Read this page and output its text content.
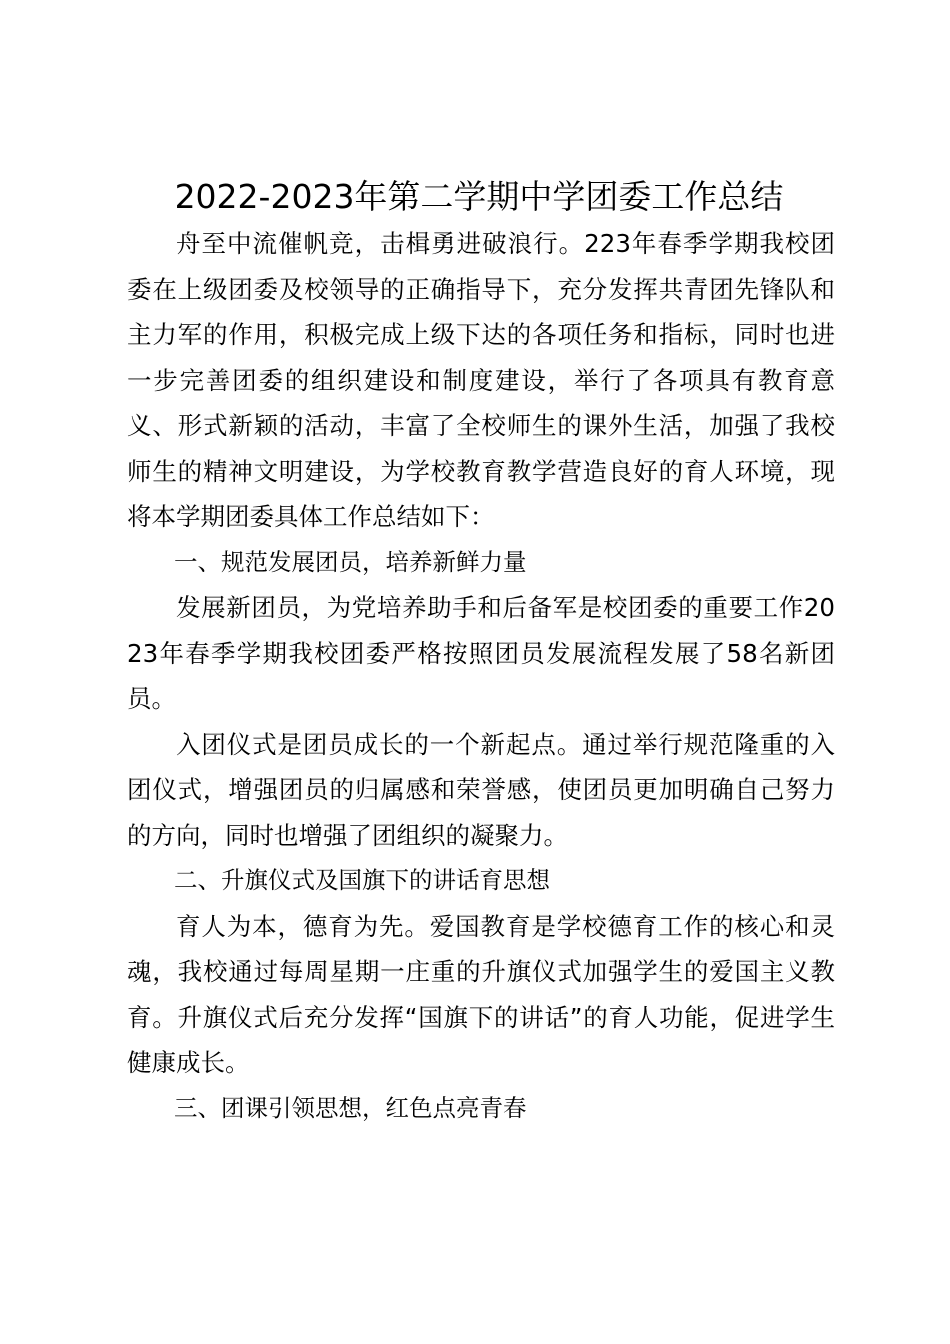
2022-2023年第二学期中学团委工作总结

舟至中流催帆竞，击楫勇进破浪行。223年春季学期我校团委在上级团委及校领导的正确指导下，充分发挥共青团先锋队和主力军的作用，积极完成上级下达的各项任务和指标，同时也进一步完善团委的组织建设和制度建设，举行了各项具有教育意义、形式新颖的活动，丰富了全校师生的课外生活，加强了我校师生的精神文明建设，为学校教育教学营造良好的育人环境，现将本学期团委具体工作总结如下：

一、规范发展团员，培养新鲜力量

发展新团员，为党培养助手和后备军是校团委的重要工作2023年春季学期我校团委严格按照团员发展流程发展了58名新团员。

入团仪式是团员成长的一个新起点。通过举行规范隆重的入团仪式，增强团员的归属感和荣誉感，使团员更加明确自己努力的方向，同时也增强了团组织的凝聚力。

二、升旗仪式及国旗下的讲话育思想

育人为本，德育为先。爱国教育是学校德育工作的核心和灵魂，我校通过每周星期一庄重的升旗仪式加强学生的爱国主义教育。升旗仪式后充分发挥“国旗下的讲话”的育人功能，促进学生健康成长。

三、团课引领思想，红色点亮青春
